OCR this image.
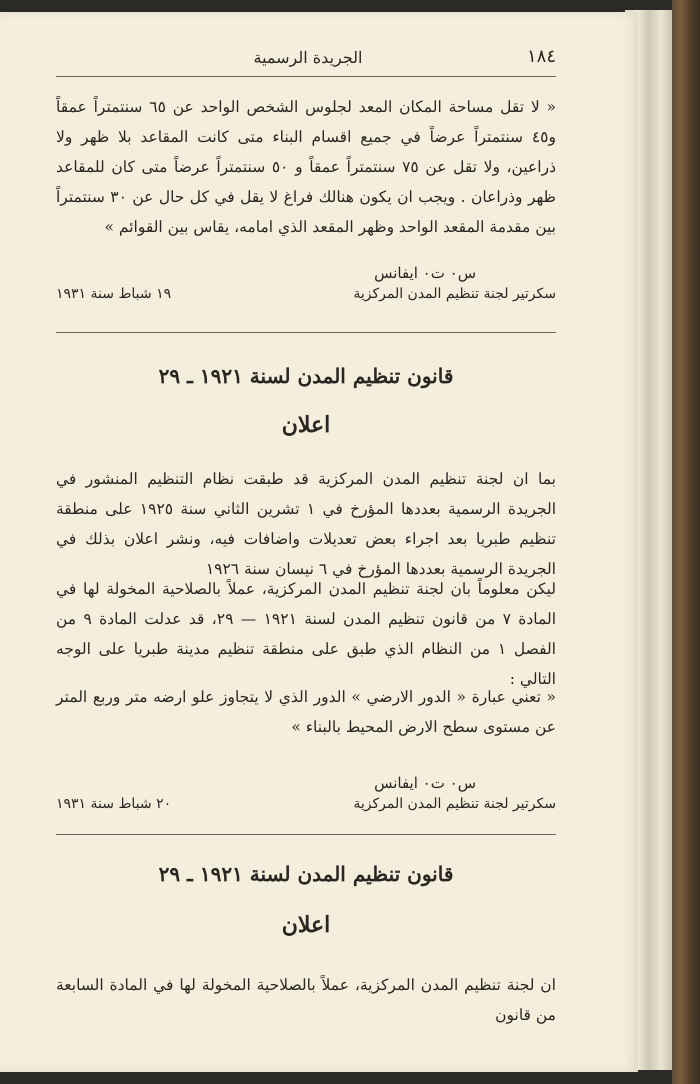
١٨٤
الجريدة الرسمية
« لا تقل مساحة المكان المعد لجلوس الشخص الواحد عن ٦٥ سنتمتراً عمقاً و٤٥ سنتمتراً عرضاً في جميع اقسام البناء متى كانت المقاعد بلا ظهر ولا ذراعين، ولا تقل عن ٧٥ سنتمتراً عمقاً و ٥٠ سنتمتراً عرضاً متى كان للمقاعد ظهر وذراعان . ويجب ان يكون هنالك فراغ لا يقل في كل حال عن ٣٠ سنتمتراً بين مقدمة المقعد الواحد وظهر المقعد الذي امامه، يقاس بين القوائم »
س٠ ت٠ ايفانس
سكرتير لجنة تنظيم المدن المركزية
١٩ شباط سنة ١٩٣١
قانون تنظيم المدن لسنة ١٩٢١ ـ ٢٩
اعلان
بما ان لجنة تنظيم المدن المركزية قد طبقت نظام التنظيم المنشور في الجريدة الرسمية بعددها المؤرخ في ١ تشرين الثاني سنة ١٩٢٥ على منطقة تنظيم طبريا بعد اجراء بعض تعديلات واضافات فيه، ونشر اعلان بذلك في الجريدة الرسمية بعددها المؤرخ في ٦ نيسان سنة ١٩٢٦
ليكن معلوماً بان لجنة تنظيم المدن المركزية، عملاً بالصلاحية المخولة لها في المادة ٧ من قانون تنظيم المدن لسنة ١٩٢١ — ٢٩، قد عدلت المادة ٩ من الفصل ١ من النظام الذي طبق على منطقة تنظيم مدينة طبريا على الوجه التالي :
« تعني عبارة « الدور الارضي » الدور الذي لا يتجاوز علو ارضه متر وربع المتر عن مستوى سطح الارض المحيط بالبناء »
س٠ ت٠ ايفانس
سكرتير لجنة تنظيم المدن المركزية
٢٠ شباط سنة ١٩٣١
قانون تنظيم المدن لسنة ١٩٢١ ـ ٢٩
اعلان
ان لجنة تنظيم المدن المركزية، عملاً بالصلاحية المخولة لها في المادة السابعة من قانون
